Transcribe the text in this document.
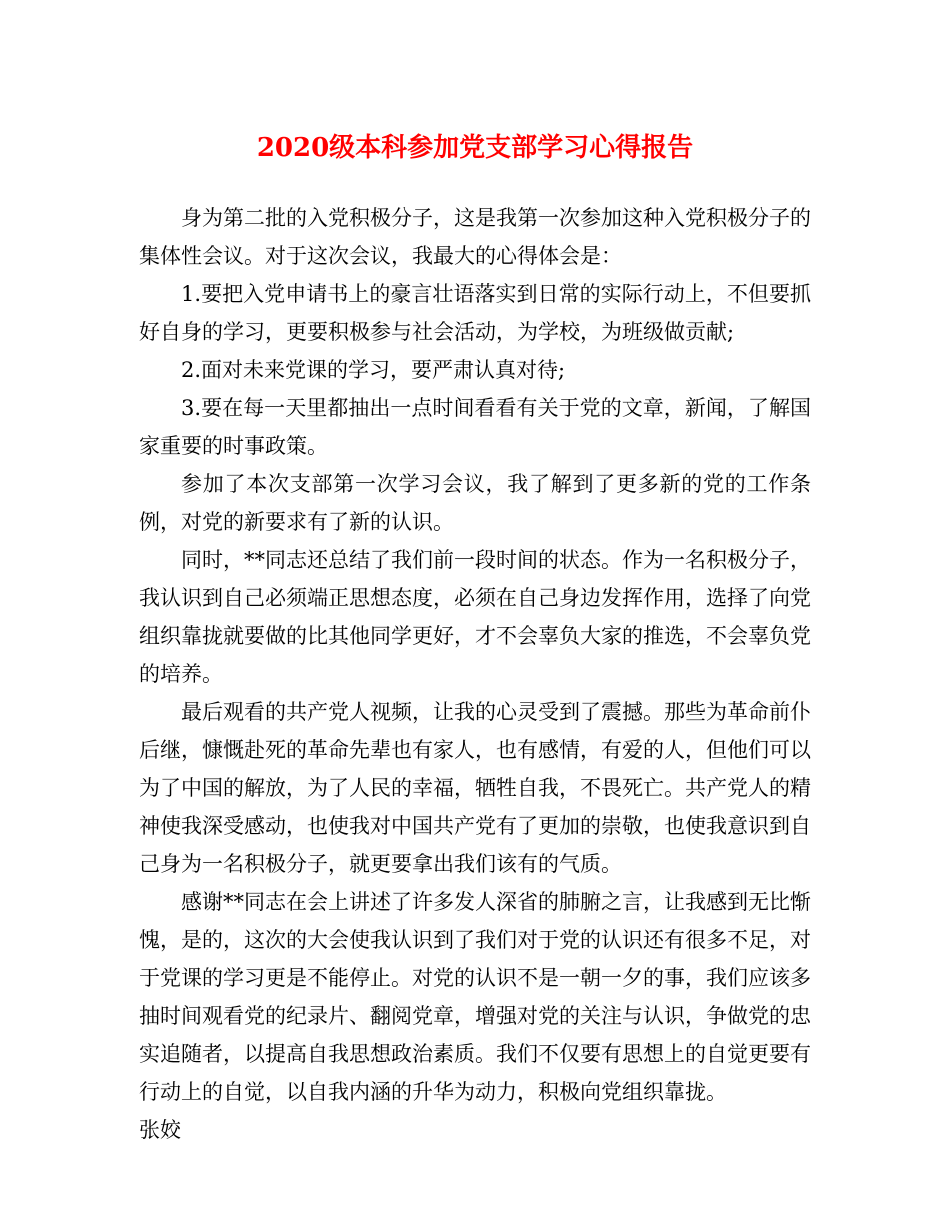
2020级本科参加党支部学习心得报告

身为第二批的入党积极分子，这是我第一次参加这种入党积极分子的集体性会议。对于这次会议，我最大的心得体会是：

1.要把入党申请书上的豪言壮语落实到日常的实际行动上，不但要抓好自身的学习，更要积极参与社会活动，为学校，为班级做贡献;

2.面对未来党课的学习，要严肃认真对待;

3.要在每一天里都抽出一点时间看看有关于党的文章，新闻，了解国家重要的时事政策。

参加了本次支部第一次学习会议，我了解到了更多新的党的工作条例，对党的新要求有了新的认识。

同时，**同志还总结了我们前一段时间的状态。作为一名积极分子，我认识到自己必须端正思想态度，必须在自己身边发挥作用，选择了向党组织靠拢就要做的比其他同学更好，才不会辜负大家的推选，不会辜负党的培养。

最后观看的共产党人视频，让我的心灵受到了震撼。那些为革命前仆后继，慷慨赴死的革命先辈也有家人，也有感情，有爱的人，但他们可以为了中国的解放，为了人民的幸福，牺牲自我，不畏死亡。共产党人的精神使我深受感动，也使我对中国共产党有了更加的崇敬，也使我意识到自己身为一名积极分子，就更要拿出我们该有的气质。

感谢**同志在会上讲述了许多发人深省的肺腑之言，让我感到无比惭愧，是的，这次的大会使我认识到了我们对于党的认识还有很多不足，对于党课的学习更是不能停止。对党的认识不是一朝一夕的事，我们应该多抽时间观看党的纪录片、翻阅党章，增强对党的关注与认识，争做党的忠实追随者，以提高自我思想政治素质。我们不仅要有思想上的自觉更要有行动上的自觉，以自我内涵的升华为动力，积极向党组织靠拢。

张姣
